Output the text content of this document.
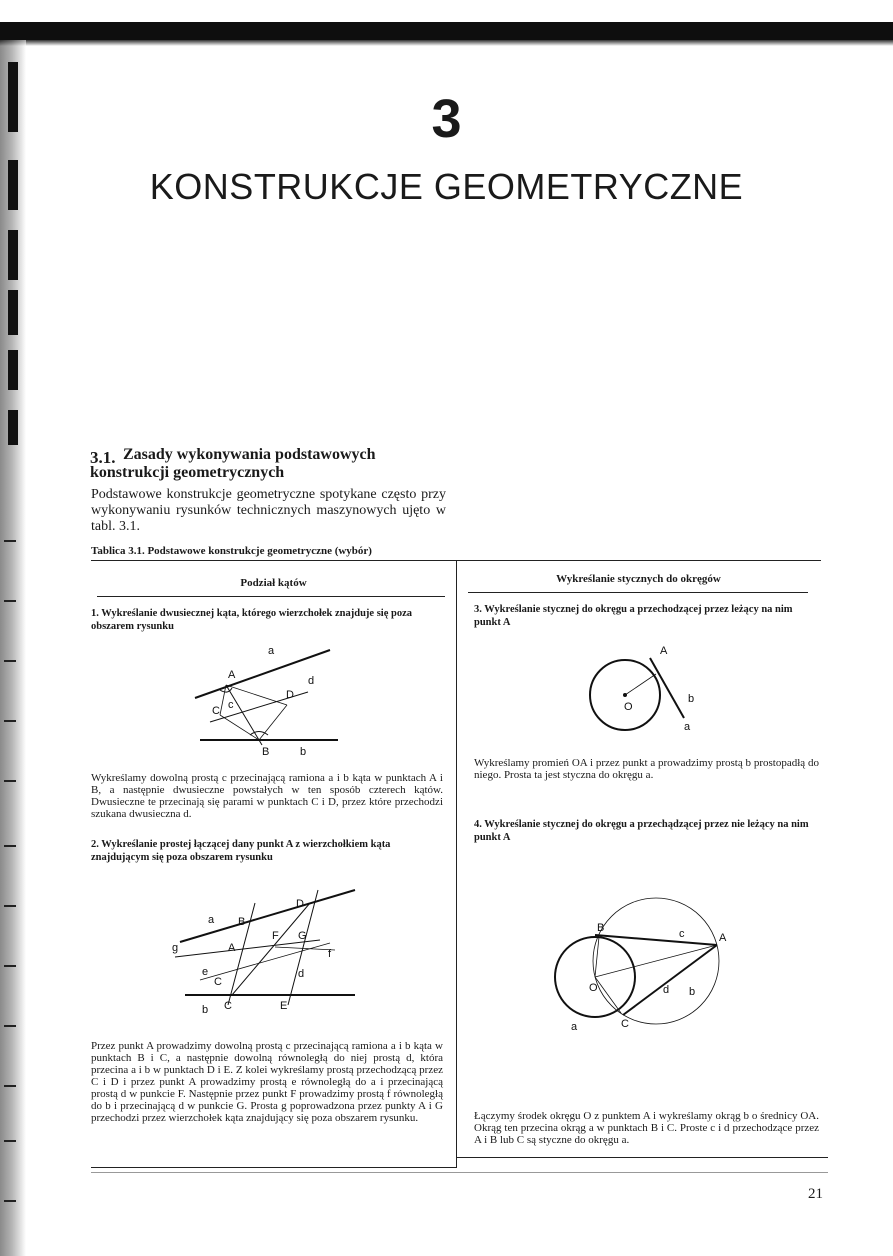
3
KONSTRUKCJE GEOMETRYCZNE
3.1. Zasady wykonywania podstawowych
konstrukcji geometrycznych
Podstawowe konstrukcje geometryczne spotykane często przy wykonywaniu rysunków technicznych maszynowych ujęto w tabl. 3.1.
Tablica 3.1. Podstawowe konstrukcje geometryczne (wybór)
Podział kątów	Wykreślanie stycznych do okręgów
1. Wykreślanie dwusiecznej kąta, którego wierzchołek znajduje się poza obszarem rysunku
a
A	d
D
C c
B	b
Wykreślamy dowolną prostą c przecinającą ramiona a i b kąta w punktach A i B, a następnie dwusieczne powstałych w ten sposób czterech kątów. Dwusieczne te przecinają się parami w punktach C i D, przez które przechodzi szukana dwusieczna d.
2. Wykreślanie prostej łączącej dany punkt A z wierzchołkiem kąta znajdującym się poza obszarem rysunku
D
a B
F G
g	A	f
e
C
d
b C	E
Przez punkt A prowadzimy dowolną prostą c przecinającą ramiona a i b kąta w punktach B i C, a następnie dowolną równoległą do niej prostą d, która przecina a i b w punktach D i E. Z kolei wykreślamy prostą przechodzącą przez C i D i przez punkt A prowadzimy prostą e równoległą do a i przecinającą prostą d w punkcie F. Następnie przez punkt F prowadzimy prostą f równoległą do b i przecinającą d w punkcie G. Prosta g poprowadzona przez punkty A i G przechodzi przez wierzchołek kąta znajdujący się poza obszarem rysunku.
3. Wykreślanie stycznej do okręgu a przechodzącej przez leżący na nim punkt A
A
O
b
a
Wykreślamy promień OA i przez punkt a prowadzimy prostą b prostopadłą do niego. Prosta ta jest styczna do okręgu a.
4. Wykreślanie stycznej do okręgu a przechądzącej przez nie leżący na nim punkt A
B	c	A
O	d b
a	C
Łączymy środek okręgu O z punktem A i wykreślamy okrąg b o średnicy OA. Okrąg ten przecina okrąg a w punktach B i C. Proste c i d przechodzące przez A i B lub C są styczne do okręgu a.
21
